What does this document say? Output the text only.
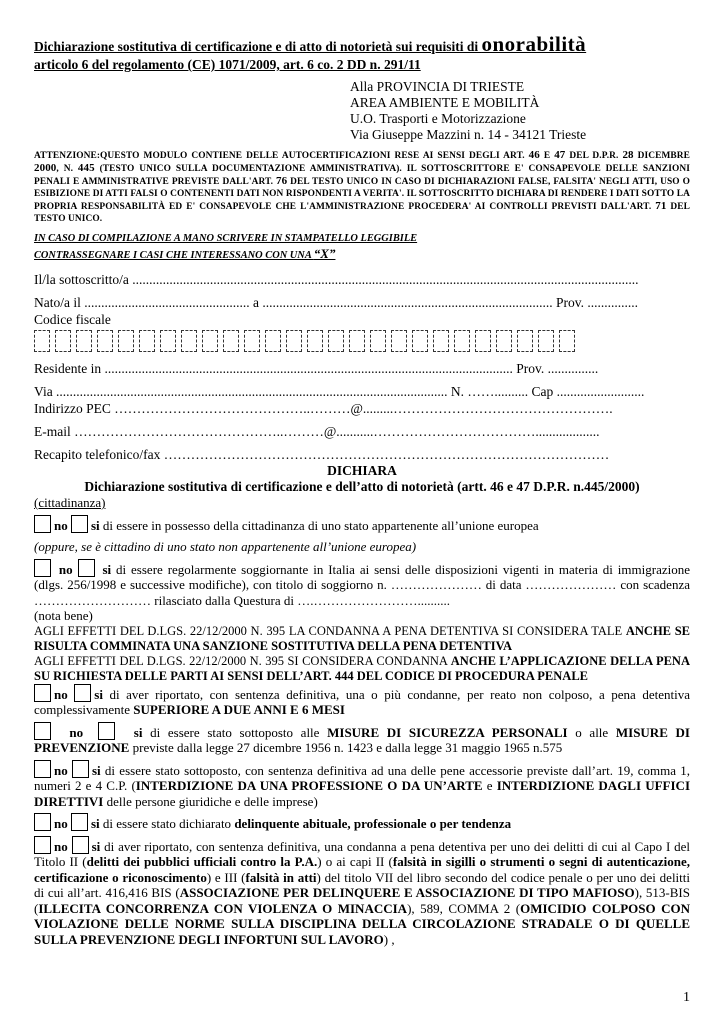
Dichiarazione sostitutiva di certificazione e di atto di notorietà sui requisiti di onorabilità
articolo 6 del regolamento (CE) 1071/2009, art. 6 co. 2 DD n. 291/11
Alla PROVINCIA DI TRIESTE
AREA AMBIENTE E MOBILITÀ
U.O. Trasporti e Motorizzazione
Via Giuseppe Mazzini n. 14 - 34121 Trieste
ATTENZIONE:QUESTO MODULO CONTIENE DELLE AUTOCERTIFICAZIONI RESE AI SENSI DEGLI ART. 46 E 47 DEL D.P.R. 28 DICEMBRE 2000, N. 445 (TESTO UNICO SULLA DOCUMENTAZIONE AMMINISTRATIVA). IL SOTTOSCRITTORE E' CONSAPEVOLE DELLE SANZIONI PENALI E AMMINISTRATIVE PREVISTE DALL'ART. 76 DEL TESTO UNICO IN CASO DI DICHIARAZIONI FALSE, FALSITA' NEGLI ATTI, USO O ESIBIZIONE DI ATTI FALSI O CONTENENTI DATI NON RISPONDENTI A VERITA'. IL SOTTOSCRITTO DICHIARA DI RENDERE I DATI SOTTO LA PROPRIA RESPONSABILITÀ ED E' CONSAPEVOLE CHE L'AMMINISTRAZIONE PROCEDERA' AI CONTROLLI PREVISTI DALL'ART. 71 DEL TESTO UNICO.
IN CASO DI COMPILAZIONE A MANO SCRIVERE IN STAMPATELLO LEGGIBILE
CONTRASSEGNARE I CASI CHE INTERESSANO CON UNA “X”
Il/la sottoscritto/a ......................................................................................................................................................
Nato/a il ................................................. a ...................................................................................... Prov. ...............
Codice fiscale
Residente in ......................................................................................................................... Prov. ...............
Via .................................................................................................................... N. …….......... Cap ..........................
Indirizzo PEC ……………………………………..………@.........………………………………………….
E-mail ………………………………………..………@...........………………………………...................
Recapito telefonico/fax ………………………………………………………………………………………
DICHIARA
Dichiarazione sostitutiva di certificazione e dell’atto di notorietà (artt. 46 e 47 D.P.R. n.445/2000)
(cittadinanza)
no si di essere in possesso della cittadinanza di uno stato appartenente all’unione europea
(oppure, se è cittadino di uno stato non appartenente all’unione europea)
no si di essere regolarmente soggiornante in Italia ai sensi delle disposizioni vigenti in materia di immigrazione (dlgs. 256/1998 e successive modifiche), con titolo di soggiorno n. ………………… di data ………………… con scadenza ……………………… rilasciato dalla Questura di ….……………………..........
(nota bene)
AGLI EFFETTI DEL D.LGS. 22/12/2000 N. 395 LA CONDANNA A PENA DETENTIVA SI CONSIDERA TALE ANCHE SE RISULTA COMMINATA UNA SANZIONE SOSTITUTIVA DELLA PENA DETENTIVA
AGLI EFFETTI DEL D.LGS. 22/12/2000 N. 395 SI CONSIDERA CONDANNA ANCHE L’APPLICAZIONE DELLA PENA SU RICHIESTA DELLE PARTI AI SENSI DELL’ART. 444 DEL CODICE DI PROCEDURA PENALE
no si di aver riportato, con sentenza definitiva, una o più condanne, per reato non colposo, a pena detentiva complessivamente SUPERIORE A DUE ANNI E 6 MESI
no	si di essere stato sottoposto alle MISURE DI SICUREZZA PERSONALI o alle MISURE DI PREVENZIONE previste dalla legge 27 dicembre 1956 n. 1423 e dalla legge 31 maggio 1965 n.575
no si di essere stato sottoposto, con sentenza definitiva ad una delle pene accessorie previste dall’art. 19, comma 1, numeri 2 e 4 C.P. (INTERDIZIONE DA UNA PROFESSIONE O DA UN’ARTE e INTERDIZIONE DAGLI UFFICI DIRETTIVI delle persone giuridiche e delle imprese)
no si di essere stato dichiarato delinquente abituale, professionale o per tendenza
no si di aver riportato, con sentenza definitiva, una condanna a pena detentiva per uno dei delitti di cui al Capo I del Titolo II (delitti dei pubblici ufficiali contro la P.A.) o ai capi II (falsità in sigilli o strumenti o segni di autenticazione, certificazione o riconoscimento) e III (falsità in atti) del titolo VII del libro secondo del codice penale o per uno dei delitti di cui all’art. 416,416 BIS (ASSOCIAZIONE PER DELINQUERE E ASSOCIAZIONE DI TIPO MAFIOSO), 513-BIS (ILLECITA CONCORRENZA CON VIOLENZA O MINACCIA), 589, COMMA 2 (OMICIDIO COLPOSO CON VIOLAZIONE DELLE NORME SULLA DISCIPLINA DELLA CIRCOLAZIONE STRADALE O DI QUELLE SULLA PREVENZIONE DEGLI INFORTUNI SUL LAVORO) ,
1
